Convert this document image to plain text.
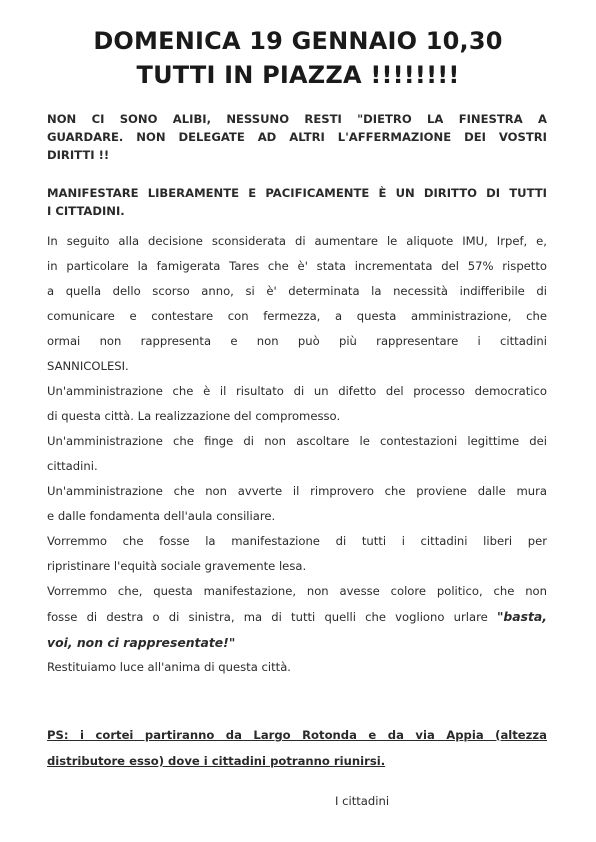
DOMENICA 19 GENNAIO 10,30
TUTTI IN PIAZZA !!!!!!!!
NON CI SONO ALIBI, NESSUNO RESTI "DIETRO LA FINESTRA A
GUARDARE. NON DELEGATE AD ALTRI L'AFFERMAZIONE DEI VOSTRI
DIRITTI !!
MANIFESTARE LIBERAMENTE E PACIFICAMENTE È UN DIRITTO DI TUTTI
I CITTADINI.
In seguito alla decisione sconsiderata di aumentare le aliquote IMU, Irpef, e,
in particolare la famigerata Tares che è' stata incrementata del 57% rispetto
a quella dello scorso anno, si è' determinata la necessità indifferibile di
comunicare e contestare con fermezza, a questa amministrazione, che
ormai non rappresenta e non può più rappresentare i cittadini
SANNICOLESI.
Un'amministrazione che è il risultato di un difetto del processo democratico
di questa città. La realizzazione del compromesso.
Un'amministrazione che finge di non ascoltare le contestazioni legittime dei
cittadini.
Un'amministrazione che non avverte il rimprovero che proviene dalle mura
e dalle fondamenta dell'aula consiliare.
Vorremmo che fosse la manifestazione di tutti i cittadini liberi per
ripristinare l'equità sociale gravemente lesa.
Vorremmo che, questa manifestazione, non avesse colore politico, che non
fosse di destra o di sinistra, ma di tutti quelli che vogliono urlare "basta,
voi, non ci rappresentate!"
Restituiamo luce all'anima di questa città.
PS: i cortei partiranno da Largo Rotonda e da via Appia (altezza
distributore esso) dove i cittadini potranno riunirsi.
I cittadini
